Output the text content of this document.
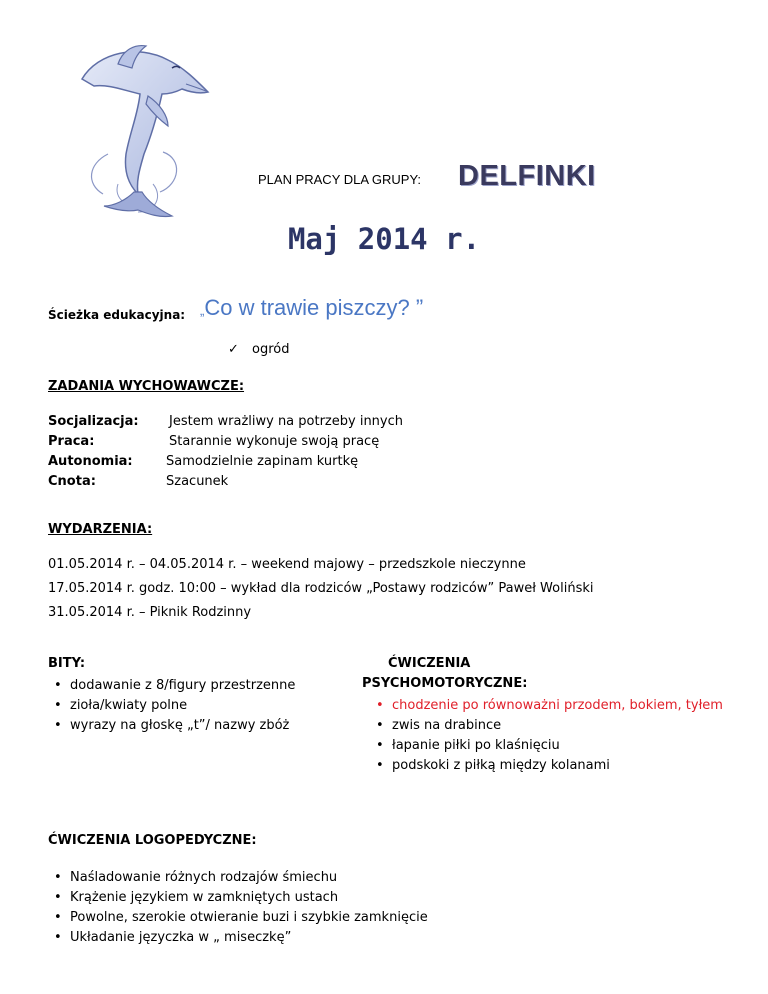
PLAN PRACY DLA GRUPY: DELFINKI
Maj 2014 r.
Ścieżka edukacyjna: „Co w trawie piszczy? ”
✓ ogród
ZADANIA WYCHOWAWCZE:
Socjalizacja: Jestem wrażliwy na potrzeby innych
Praca:	Starannie wykonuje swoją pracę
Autonomia:	Samodzielnie zapinam kurtkę
Cnota:	Szacunek
WYDARZENIA:
01.05.2014 r. – 04.05.2014 r. – weekend majowy – przedszkole nieczynne
17.05.2014 r. godz. 10:00 – wykład dla rodziców „Postawy rodziców” Paweł Woliński
31.05.2014 r. – Piknik Rodzinny
BITY:
• dodawanie z 8/figury przestrzenne
• zioła/kwiaty polne
• wyrazy na głoskę „t”/ nazwy zbóż
ĆWICZENIA
PSYCHOMOTORYCZNE:
• chodzenie po równoważni przodem, bokiem, tyłem
• zwis na drabince
• łapanie piłki po klaśnięciu
• podskoki z piłką między kolanami
ĆWICZENIA LOGOPEDYCZNE:
• Naśladowanie różnych rodzajów śmiechu
• Krążenie językiem w zamkniętych ustach
• Powolne, szerokie otwieranie buzi i szybkie zamknięcie
• Układanie języczka w „ miseczkę”
